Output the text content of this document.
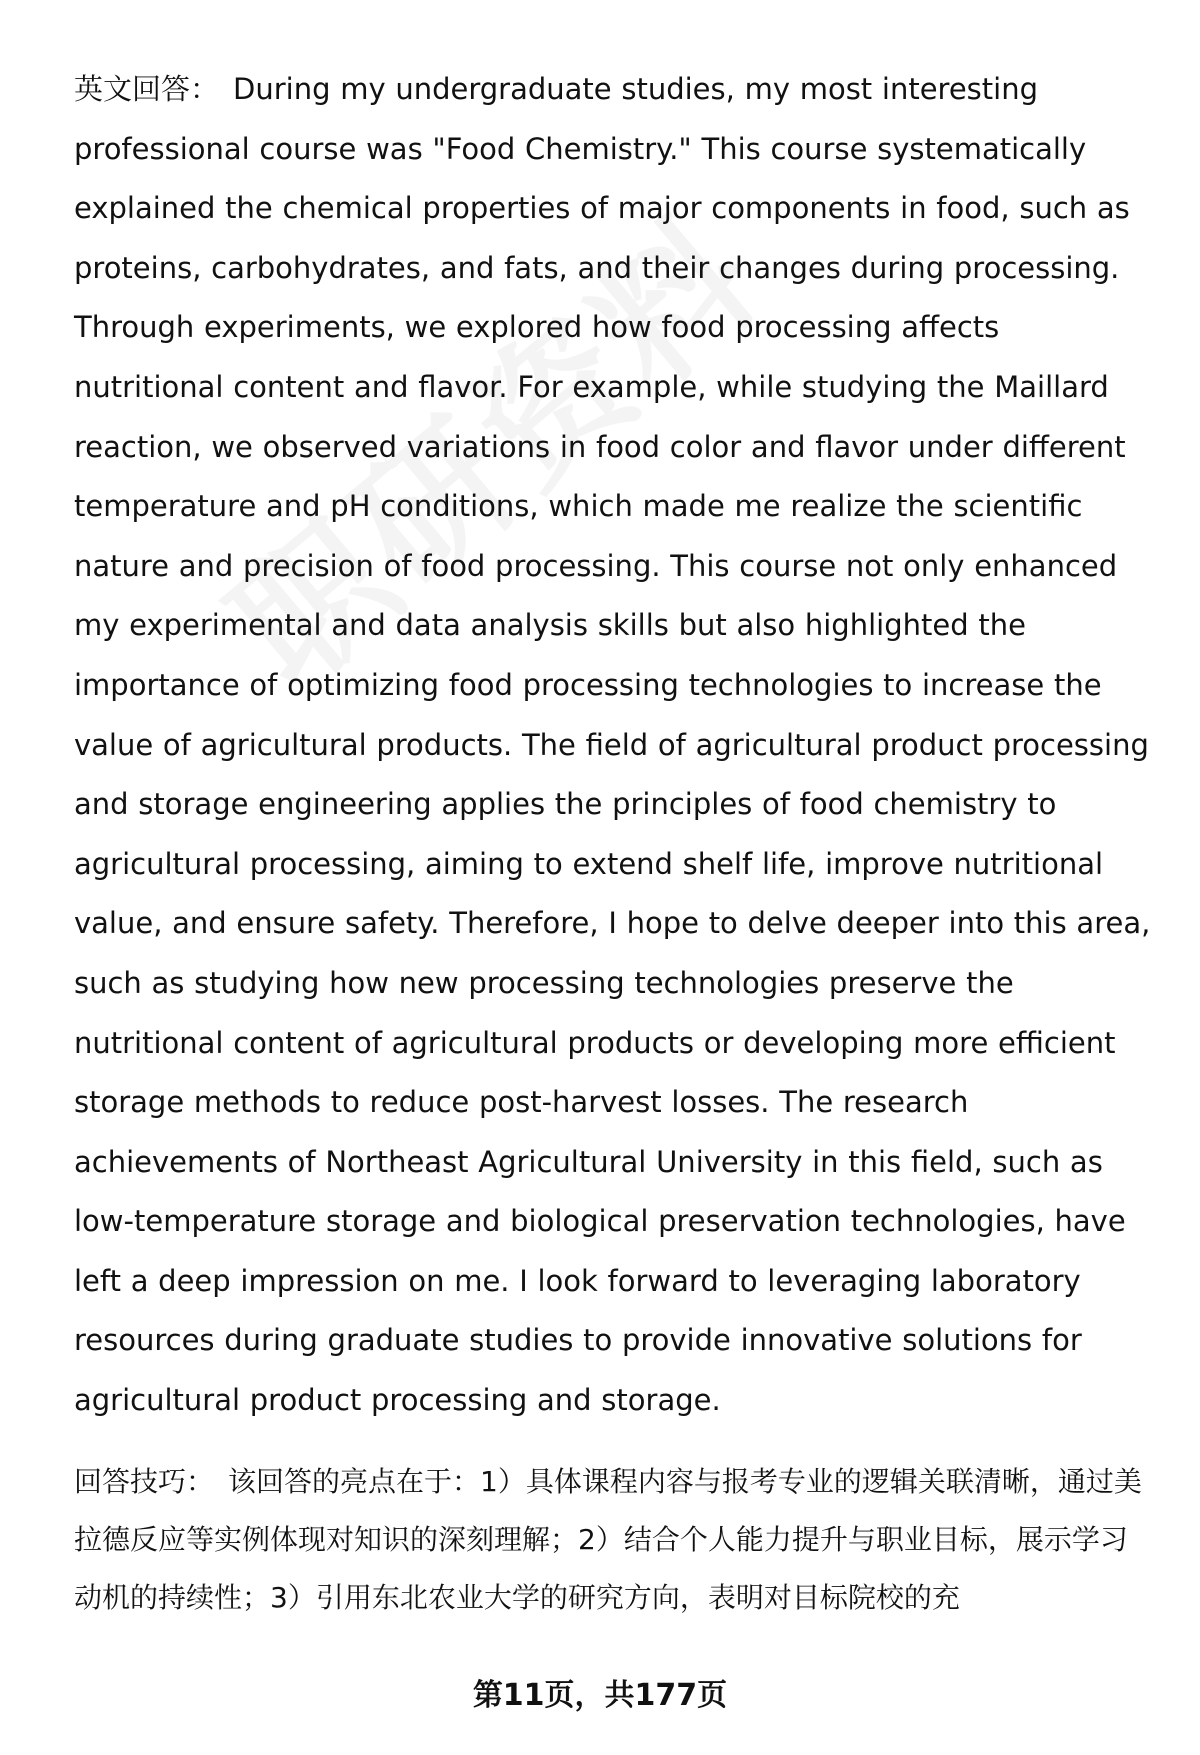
英文回答： During my undergraduate studies, my most interesting professional course was "Food Chemistry." This course systematically explained the chemical properties of major components in food, such as proteins, carbohydrates, and fats, and their changes during processing. Through experiments, we explored how food processing affects nutritional content and flavor. For example, while studying the Maillard reaction, we observed variations in food color and flavor under different temperature and pH conditions, which made me realize the scientific nature and precision of food processing. This course not only enhanced my experimental and data analysis skills but also highlighted the importance of optimizing food processing technologies to increase the value of agricultural products. The field of agricultural product processing and storage engineering applies the principles of food chemistry to agricultural processing, aiming to extend shelf life, improve nutritional value, and ensure safety. Therefore, I hope to delve deeper into this area, such as studying how new processing technologies preserve the nutritional content of agricultural products or developing more efficient storage methods to reduce post-harvest losses. The research achievements of Northeast Agricultural University in this field, such as low-temperature storage and biological preservation technologies, have left a deep impression on me. I look forward to leveraging laboratory resources during graduate studies to provide innovative solutions for agricultural product processing and storage.

回答技巧： 该回答的亮点在于：1）具体课程内容与报考专业的逻辑关联清晰，通过美拉德反应等实例体现对知识的深刻理解；2）结合个人能力提升与职业目标，展示学习动机的持续性；3）引用东北农业大学的研究方向，表明对目标院校的充

第11页，共177页
